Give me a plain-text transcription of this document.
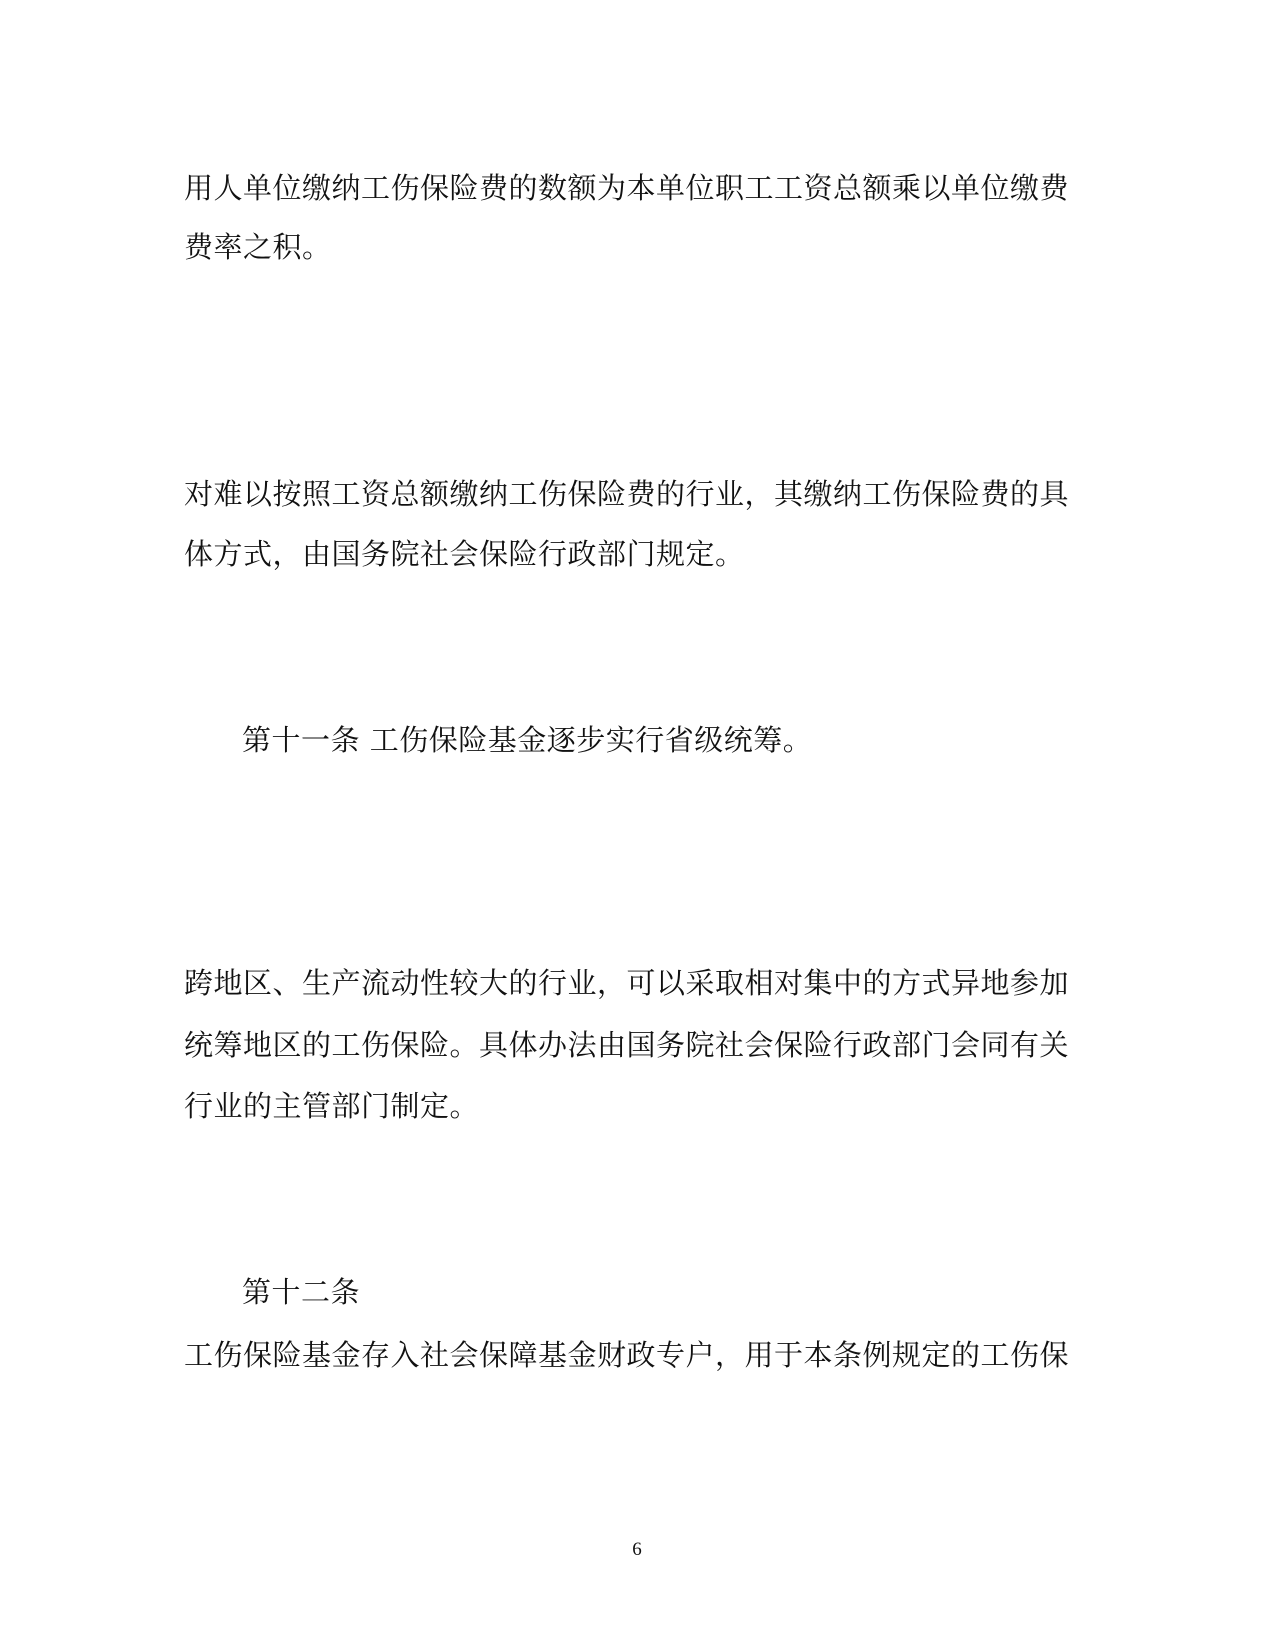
用人单位缴纳工伤保险费的数额为本单位职工工资总额乘以单位缴费

费率之积。

对难以按照工资总额缴纳工伤保险费的行业，其缴纳工伤保险费的具

体方式，由国务院社会保险行政部门规定。

第十一条 工伤保险基金逐步实行省级统筹。

跨地区、生产流动性较大的行业，可以采取相对集中的方式异地参加

统筹地区的工伤保险。具体办法由国务院社会保险行政部门会同有关

行业的主管部门制定。

第十二条

工伤保险基金存入社会保障基金财政专户，用于本条例规定的工伤保

6
